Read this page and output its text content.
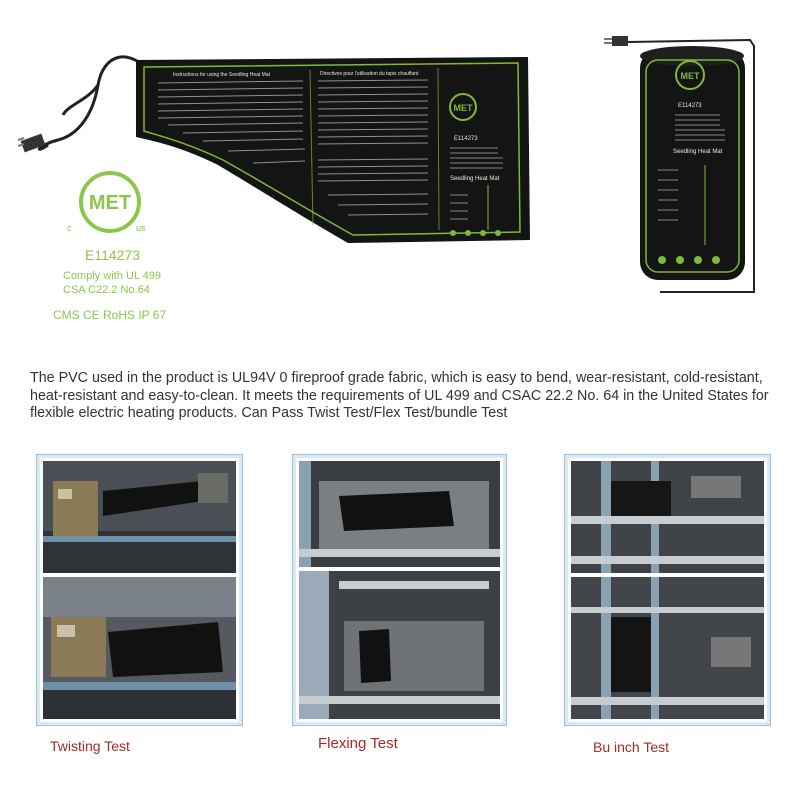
Instructions for using the Seedling Heat Mat	Directives pour l'utilisation du tapis chauffant
MET
E114273
Seedling Heat Mat
MET
E114273
Seedling Heat Mat
MET
c	us
E114273
Comply with UL 499
CSA C22.2 No.64
CMS CE RoHS IP 67
The PVC used in the product is UL94V 0 fireproof grade fabric, which is easy to bend, wear-resistant, cold-resistant, heat-resistant and easy-to-clean. It meets the requirements of UL 499 and CSAC 22.2 No. 64 in the United States for flexible electric heating products. Can Pass Twist Test/Flex Test/bundle Test
Twisting Test	Flexing Test	Bu inch Test
